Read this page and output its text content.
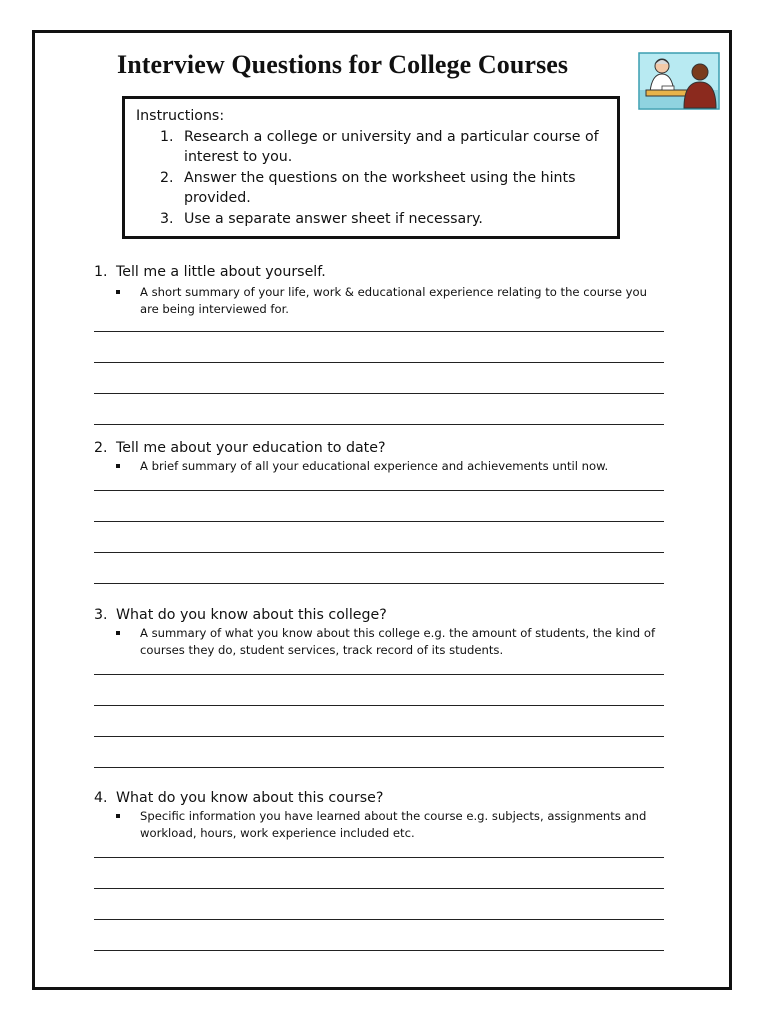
Interview Questions for College Courses
Instructions:
1. Research a college or university and a particular course of interest to you.
2. Answer the questions on the worksheet using the hints provided.
3. Use a separate answer sheet if necessary.
1. Tell me a little about yourself.
A short summary of your life, work & educational experience relating to the course you are being interviewed for.
2. Tell me about your education to date?
A brief summary of all your educational experience and achievements until now.
3. What do you know about this college?
A summary of what you know about this college e.g. the amount of students, the kind of courses they do, student services, track record of its students.
4. What do you know about this course?
Specific information you have learned about the course e.g. subjects, assignments and workload, hours, work experience included etc.
